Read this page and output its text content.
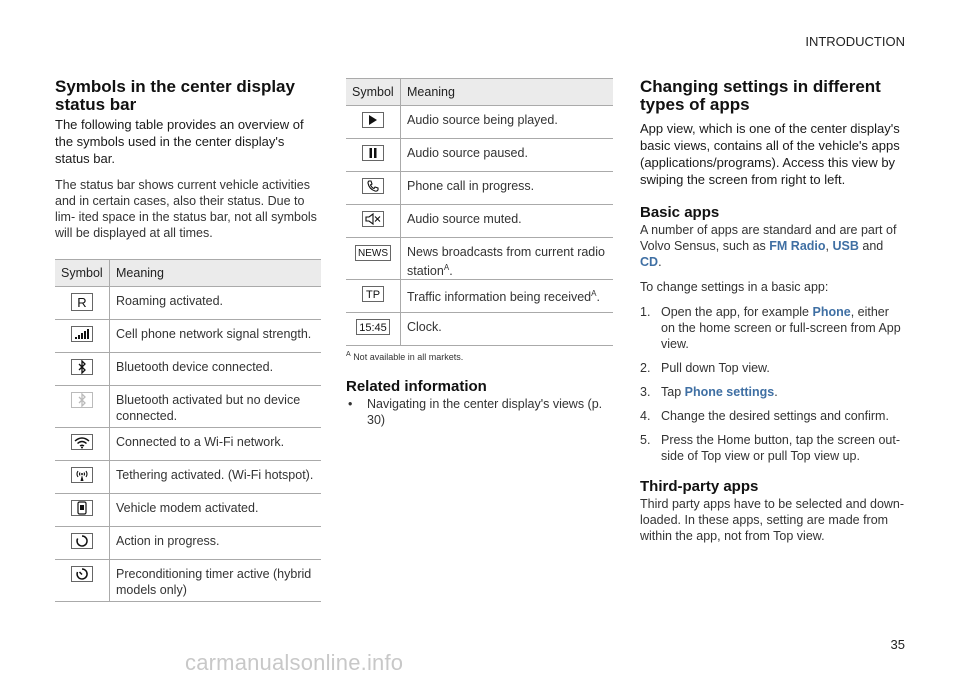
INTRODUCTION
Symbols in the center display status bar

The following table provides an overview of the symbols used in the center display's status bar.

The status bar shows current vehicle activities and in certain cases, also their status. Due to lim- ited space in the status bar, not all symbols will be displayed at all times.

Symbol	Meaning
R	Roaming activated.

	Cell phone network signal strength.

	Bluetooth device connected.

	Bluetooth activated but no device connected.

	Connected to a Wi-Fi network.

	Tethering activated. (Wi-Fi hotspot).

	Vehicle modem activated.

	Action in progress.

	Preconditioning timer active (hybrid models only)
Symbol	Meaning

	Audio source being played.

	Audio source paused.

	Phone call in progress.

	Audio source muted.
NEWS	News broadcasts from current radio station$^A$.
TP	Traffic information being received$^A$.
15:45	Clock.
$^A$ Not available in all markets.
Related information
• Navigating in the center display's views (p. 30)
Changing settings in different types of apps

App view, which is one of the center display's basic views, contains all of the vehicle's apps (applications/programs). Access this view by swiping the screen from right to left.

Basic apps

A number of apps are standard and are part of Volvo Sensus, such as FM Radio, USB and CD.

To change settings in a basic app:

1. Open the app, for example Phone, either on the home screen or full-screen from App view.
2. Pull down Top view.
3. Tap Phone settings.
4. Change the desired settings and confirm.
5. Press the Home button, tap the screen out- side of Top view or pull Top view up.
Third-party apps

Third party apps have to be selected and down- loaded. In these apps, setting are made from within the app, not from Top view.

35
carmanualsonline.info
